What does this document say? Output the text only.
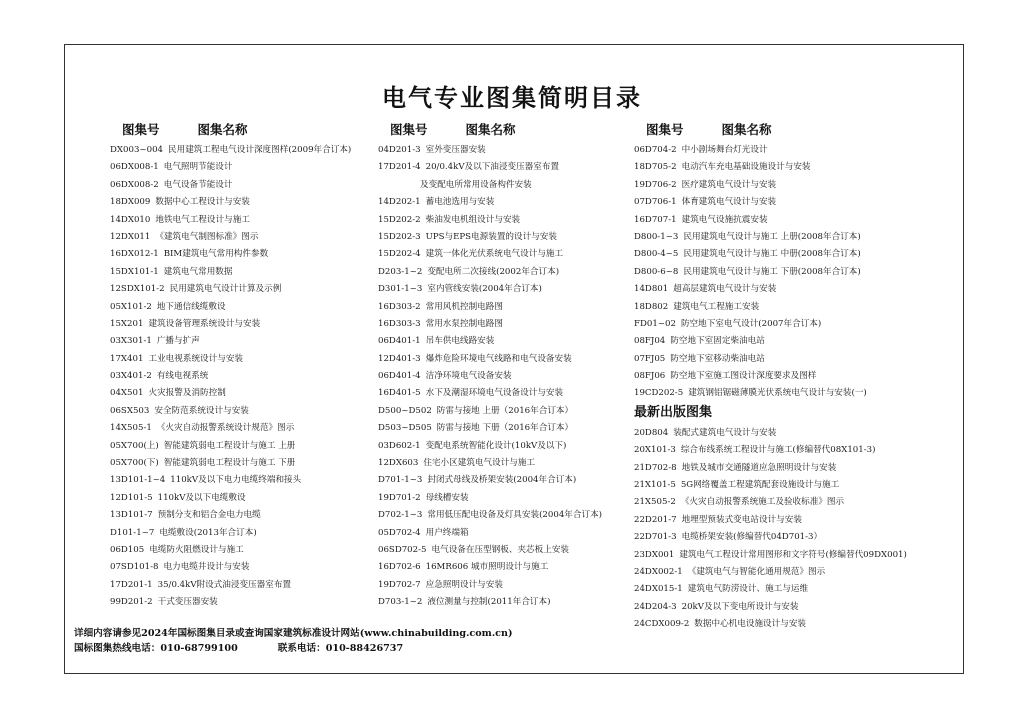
电气专业图集简明目录
图集号	图集名称
DX003~004 民用建筑工程电气设计深度图样(2009年合订本)
06DX008-1 电气照明节能设计
06DX008-2 电气设备节能设计
18DX009 数据中心工程设计与安装
14DX010 地铁电气工程设计与施工
12DX011 《建筑电气制图标准》图示
16DX012-1 BIM建筑电气常用构件参数
15DX101-1 建筑电气常用数据
12SDX101-2 民用建筑电气设计计算及示例
05X101-2 地下通信线缆敷设
15X201 建筑设备管理系统设计与安装
03X301-1 广播与扩声
17X401 工业电视系统设计与安装
03X401-2 有线电视系统
04X501 火灾报警及消防控制
06SX503 安全防范系统设计与安装
14X505-1 《火灾自动报警系统设计规范》图示
05X700(上) 智能建筑弱电工程设计与施工 上册
05X700(下) 智能建筑弱电工程设计与施工 下册
13D101-1~4 110kV及以下电力电缆终端和接头
12D101-5 110kV及以下电缆敷设
13D101-7 预制分支和铝合金电力电缆
D101-1~7 电缆敷设(2013年合订本)
06D105 电缆防火阻燃设计与施工
07SD101-8 电力电缆井设计与安装
17D201-1 35/0.4kV附设式油浸变压器室布置
99D201-2 干式变压器安装
图集号	图集名称
04D201-3 室外变压器安装
17D201-4 20/0.4kV及以下油浸变压器室布置
及变配电所常用设备构件安装
14D202-1 蓄电池选用与安装
15D202-2 柴油发电机组设计与安装
15D202-3 UPS与EPS电源装置的设计与安装
15D202-4 建筑一体化光伏系统电气设计与施工
D203-1~2 变配电所二次接线(2002年合订本)
D301-1~3 室内管线安装(2004年合订本)
16D303-2 常用风机控制电路图
16D303-3 常用水泵控制电路图
06D401-1 吊车供电线路安装
12D401-3 爆炸危险环境电气线路和电气设备安装
06D401-4 洁净环境电气设备安装
16D401-5 水下及潮湿环境电气设备设计与安装
D500~D502 防雷与接地 上册（2016年合订本）
D503~D505 防雷与接地 下册（2016年合订本）
03D602-1 变配电系统智能化设计(10kV及以下)
12DX603 住宅小区建筑电气设计与施工
D701-1~3 封闭式母线及桥架安装(2004年合订本)
19D701-2 母线槽安装
D702-1~3 常用低压配电设备及灯具安装(2004年合订本)
05D702-4 用户终端箱
06SD702-5 电气设备在压型钢板、夹芯板上安装
16D702-6 16MR606 城市照明设计与施工
19D702-7 应急照明设计与安装
D703-1~2 液位测量与控制(2011年合订本)
图集号	图集名称
06D704-2 中小剧场舞台灯光设计
18D705-2 电动汽车充电基础设施设计与安装
19D706-2 医疗建筑电气设计与安装
07D706-1 体育建筑电气设计与安装
16D707-1 建筑电气设施抗震安装
D800-1~3 民用建筑电气设计与施工 上册(2008年合订本)
D800-4~5 民用建筑电气设计与施工 中册(2008年合订本)
D800-6~8 民用建筑电气设计与施工 下册(2008年合订本)
14D801 超高层建筑电气设计与安装
18D802 建筑电气工程施工安装
FD01~02 防空地下室电气设计(2007年合订本)
08FJ04 防空地下室固定柴油电站
07FJ05 防空地下室移动柴油电站
08FJ06 防空地下室施工图设计深度要求及图样
19CD202-5 建筑钢铝锯磁薄膜光伏系统电气设计与安装(一)
最新出版图集
20D804 装配式建筑电气设计与安装
20X101-3 综合布线系统工程设计与施工(修编替代08X101-3)
21D702-8 地铁及城市交通隧道应急照明设计与安装
21X101-5 5G网络覆盖工程建筑配套设施设计与施工
21X505-2 《火灾自动报警系统施工及验收标准》图示
22D201-7 地埋型预装式变电站设计与安装
22D701-3 电缆桥架安装(修编替代04D701-3）
23DX001 建筑电气工程设计常用图形和文字符号(修编替代09DX001)
24DX002-1 《建筑电气与智能化通用规范》图示
24DX015-1 建筑电气防涝设计、施工与运维
24D204-3 20kV及以下变电所设计与安装
24CDX009-2 数据中心机电设施设计与安装
详细内容请参见2024年国标图集目录或查询国家建筑标准设计网站(www.chinabuilding.com.cn)
国标图集热线电话：010-68799100	联系电话：010-88426737
